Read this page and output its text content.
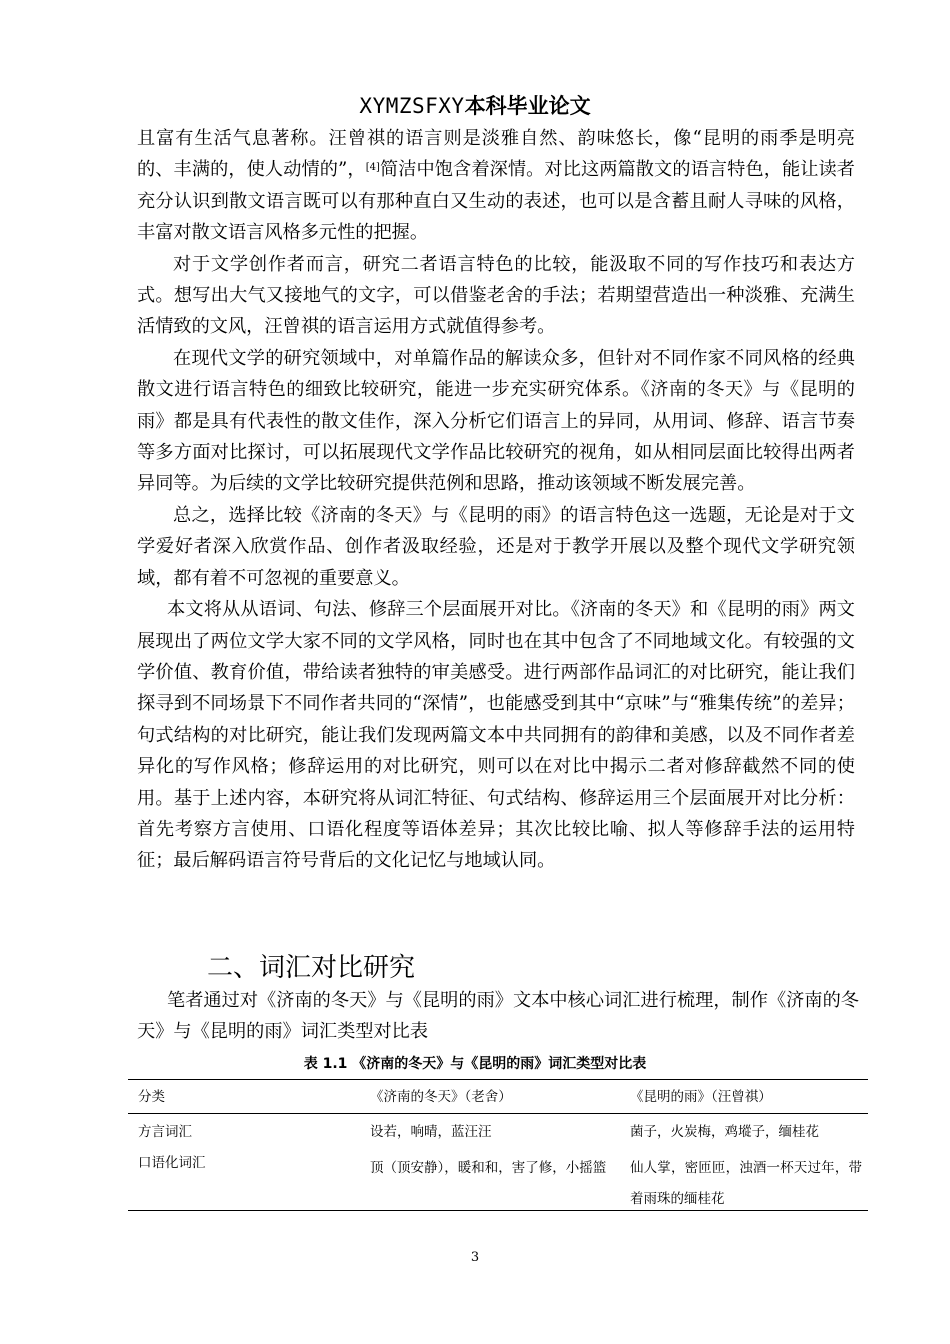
XYMZSFXY本科毕业论文

且富有生活气息著称。汪曾祺的语言则是淡雅自然、韵味悠长，像“昆明的雨季是明亮的、丰满的，使人动情的”，[4]简洁中饱含着深情。对比这两篇散文的语言特色，能让读者充分认识到散文语言既可以有那种直白又生动的表述，也可以是含蓄且耐人寻味的风格，丰富对散文语言风格多元性的把握。

对于文学创作者而言，研究二者语言特色的比较，能汲取不同的写作技巧和表达方式。想写出大气又接地气的文字，可以借鉴老舍的手法；若期望营造出一种淡雅、充满生活情致的文风，汪曾祺的语言运用方式就值得参考。

在现代文学的研究领域中，对单篇作品的解读众多，但针对不同作家不同风格的经典散文进行语言特色的细致比较研究，能进一步充实研究体系。《济南的冬天》与《昆明的雨》都是具有代表性的散文佳作，深入分析它们语言上的异同，从用词、修辞、语言节奏等多方面对比探讨，可以拓展现代文学作品比较研究的视角，如从相同层面比较得出两者异同等。为后续的文学比较研究提供范例和思路，推动该领域不断发展完善。

总之，选择比较《济南的冬天》与《昆明的雨》的语言特色这一选题，无论是对于文学爱好者深入欣赏作品、创作者汲取经验，还是对于教学开展以及整个现代文学研究领域，都有着不可忽视的重要意义。

本文将从从语词、句法、修辞三个层面展开对比。《济南的冬天》和《昆明的雨》两文展现出了两位文学大家不同的文学风格，同时也在其中包含了不同地域文化。有较强的文学价值、教育价值，带给读者独特的审美感受。进行两部作品词汇的对比研究，能让我们探寻到不同场景下不同作者共同的“深情”，也能感受到其中“京味”与“雅集传统”的差异；句式结构的对比研究，能让我们发现两篇文本中共同拥有的韵律和美感，以及不同作者差异化的写作风格；修辞运用的对比研究，则可以在对比中揭示二者对修辞截然不同的使用。基于上述内容，本研究将从词汇特征、句式结构、修辞运用三个层面展开对比分析：首先考察方言使用、口语化程度等语体差异；其次比较比喻、拟人等修辞手法的运用特征；最后解码语言符号背后的文化记忆与地域认同。

二、词汇对比研究

笔者通过对《济南的冬天》与《昆明的雨》文本中核心词汇进行梳理，制作《济南的冬天》与《昆明的雨》词汇类型对比表

表 1.1 《济南的冬天》与《昆明的雨》词汇类型对比表
分类	《济南的冬天》（老舍）	《昆明的雨》（汪曾祺）
方言词汇	设若，响晴，蓝汪汪	菌子，火炭梅，鸡㙡子，缅桂花
口语化词汇	顶（顶安静），暖和和，害了修，小摇篮	仙人掌，密匝匝，浊酒一杯天过年，带着雨珠的缅桂花
3
